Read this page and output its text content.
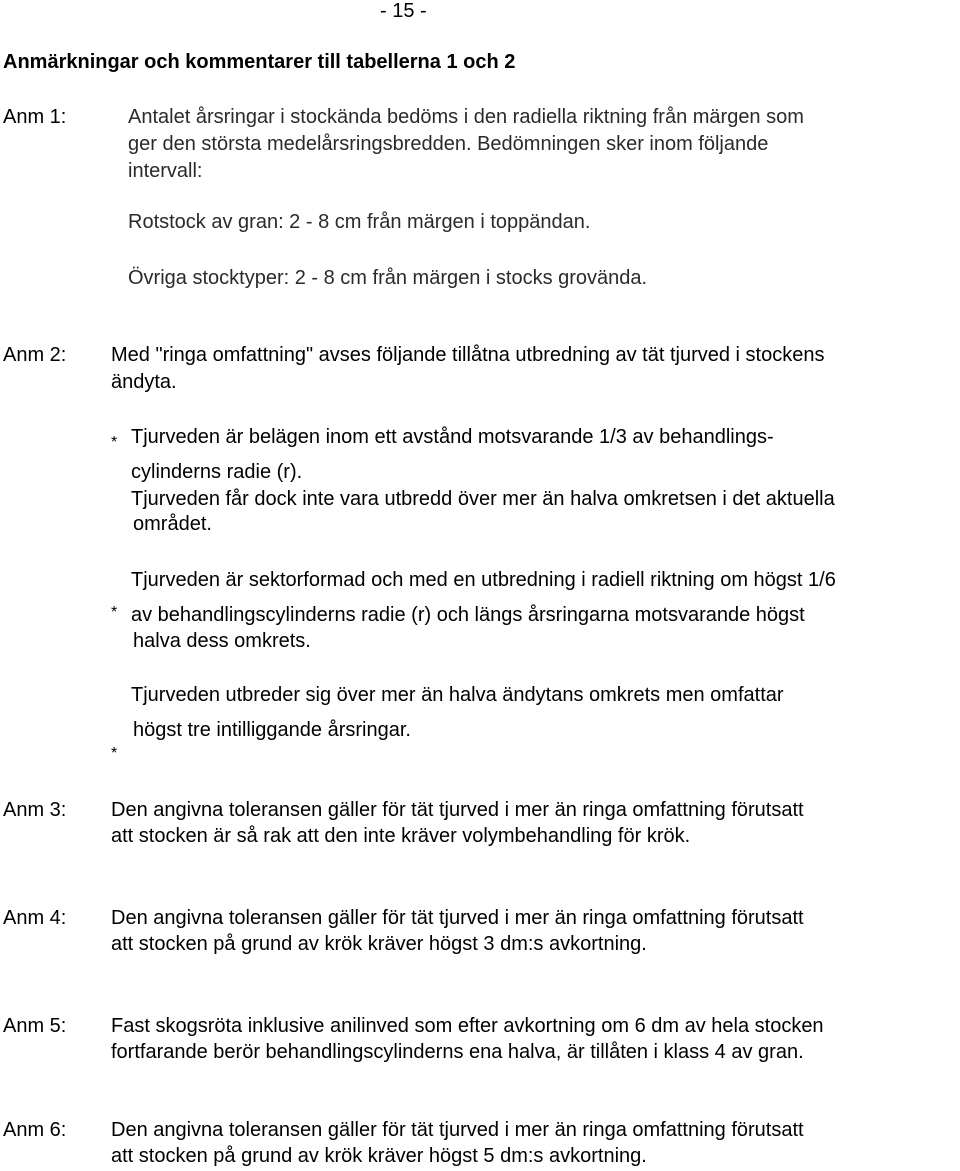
- 15 -
Anmärkningar och kommentarer till tabellerna 1 och 2
Anm 1:	Antalet årsringar i stockända bedöms i den radiella riktning från märgen som
ger den största medelårsringsbredden. Bedömningen sker inom följande
intervall:
Rotstock av gran: 2 - 8 cm från märgen i toppändan.
Övriga stocktyper: 2 - 8 cm från märgen i stocks grovända.
Anm 2: Med "ringa omfattning" avses följande tillåtna utbredning av tät tjurved i stockens
ändyta.
* Tjurveden är belägen inom ett avstånd motsvarande 1/3 av behandlings-
cylinderns radie (r).
Tjurveden får dock inte vara utbredd över mer än halva omkretsen i det aktuella
området.
*
Tjurveden är sektorformad och med en utbredning i radiell riktning om högst 1/6
av behandlingscylinderns radie (r) och längs årsringarna motsvarande högst
halva dess omkrets.
*
Tjurveden utbreder sig över mer än halva ändytans omkrets men omfattar
högst tre intilliggande årsringar.
Anm 3: Den angivna toleransen gäller för tät tjurved i mer än ringa omfattning förutsatt
att stocken är så rak att den inte kräver volymbehandling för krök.
Anm 4: Den angivna toleransen gäller för tät tjurved i mer än ringa omfattning förutsatt
att stocken på grund av krök kräver högst 3 dm:s avkortning.
Anm 5: Fast skogsröta inklusive anilinved som efter avkortning om 6 dm av hela stocken
fortfarande berör behandlingscylinderns ena halva, är tillåten i klass 4 av gran.
Anm 6: Den angivna toleransen gäller för tät tjurved i mer än ringa omfattning förutsatt
att stocken på grund av krök kräver högst 5 dm:s avkortning.
